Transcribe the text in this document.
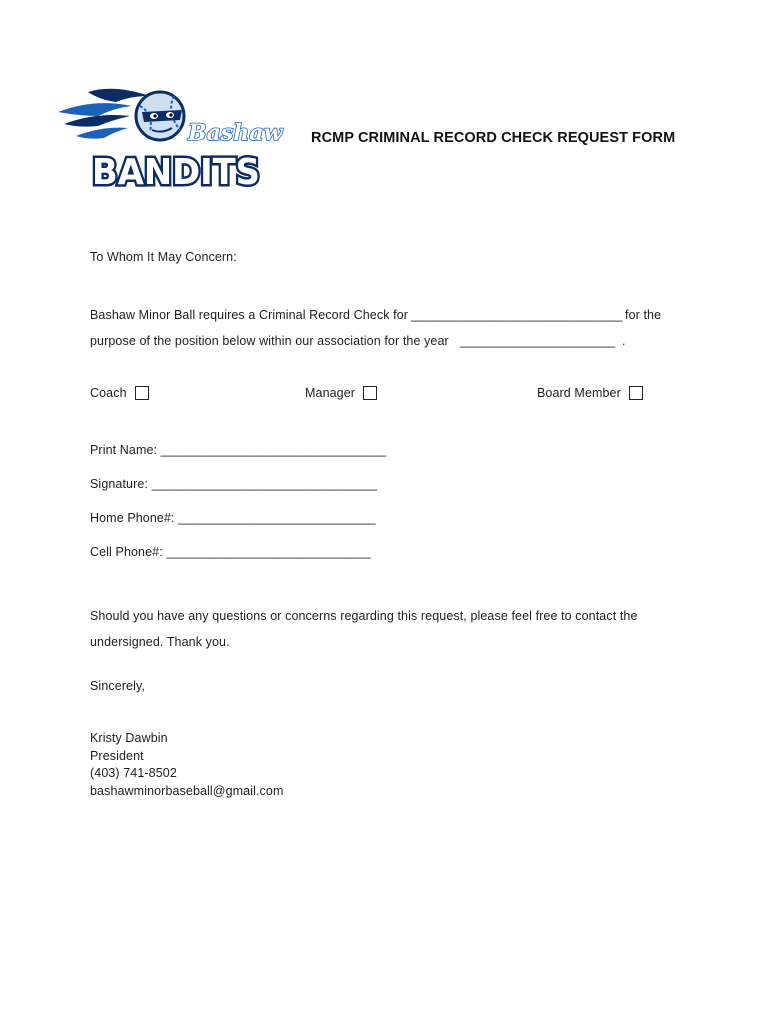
Bashaw
BANDITS
RCMP CRIMINAL RECORD CHECK REQUEST FORM
To Whom It May Concern:
Bashaw Minor Ball requires a Criminal Record Check for ______________________________ for the
purpose of the position below within our association for the year ______________________ .
Coach	Manager	Board Member
Print Name: ________________________________
Signature: ________________________________
Home Phone#: ____________________________
Cell Phone#: _____________________________
Should you have any questions or concerns regarding this request, please feel free to contact the
undersigned. Thank you.
Sincerely,
Kristy Dawbin
President
(403) 741-8502
bashawminorbaseball@gmail.com
